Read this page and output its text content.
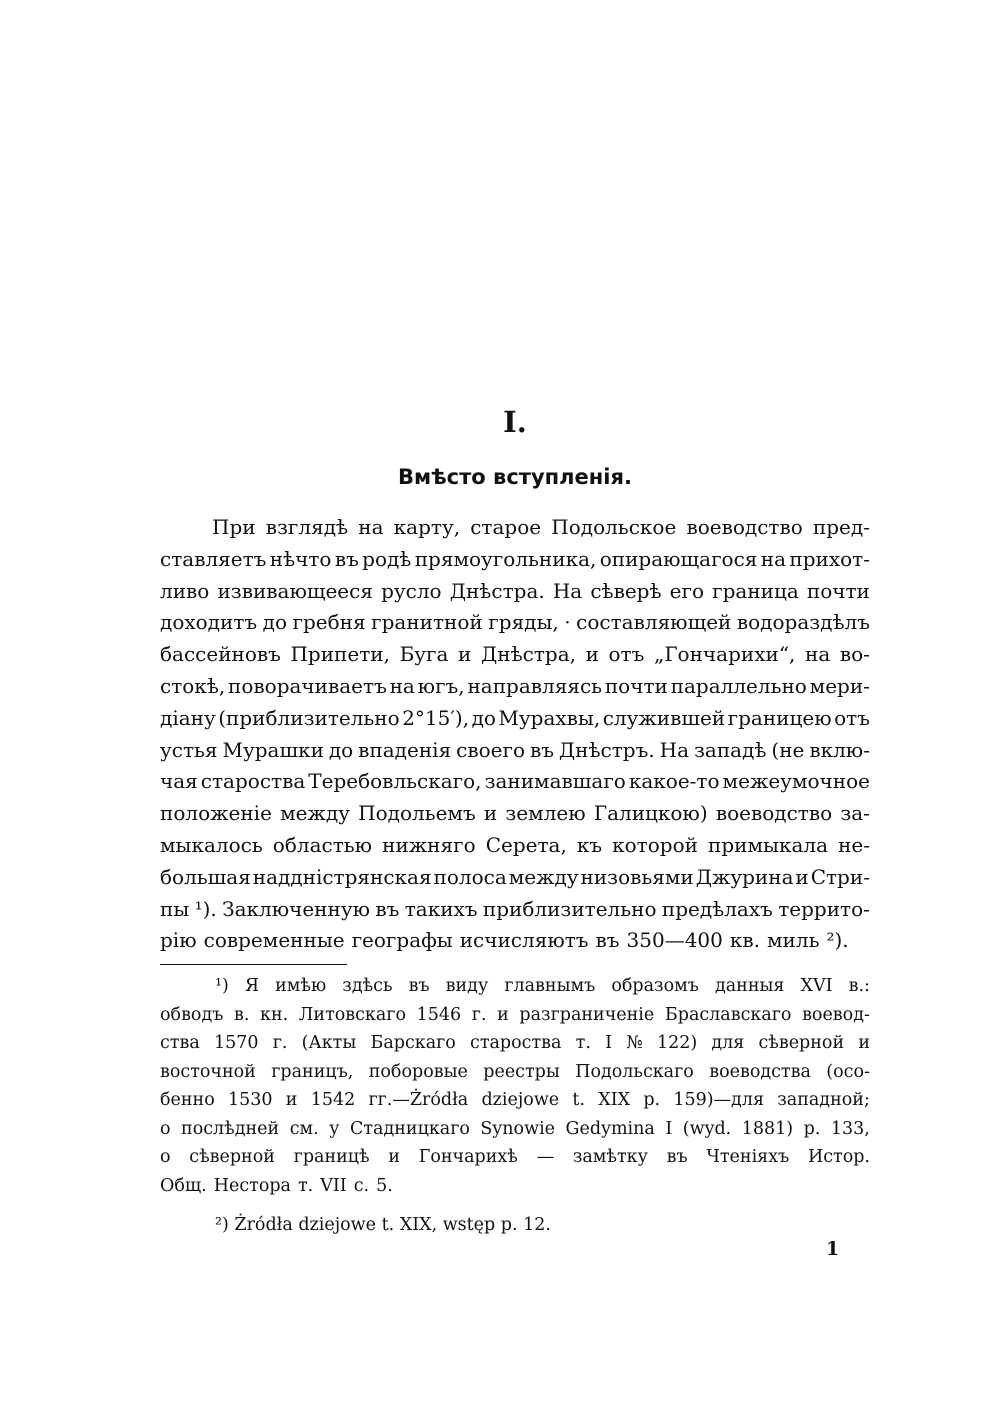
I.
Вмѣсто вступленія.
При взглядѣ на карту, старое Подольское воеводство пред-
ставляетъ нѣчто въ родѣ прямоугольника, опирающагося на прихот-
ливо извивающееся русло Днѣстра. На сѣверѣ его граница почти
доходитъ до гребня гранитной гряды, · составляющей водораздѣлъ
бассейновъ Припети, Буга и Днѣстра, и отъ „Гончарихи“, на во-
стокѣ, поворачиваетъ на югъ, направляясь почти параллельно мери-
діану (приблизительно 2°15′), до Мурахвы, служившей границею отъ
устья Мурашки до впаденія своего въ Днѣстръ. На западѣ (не вклю-
чая староства Теребовльскаго, занимавшаго какое-то межеумочное
положеніе между Подольемъ и землею Галицкою) воеводство за-
мыкалось областью нижняго Серета, къ которой примыкала не-
большая наддністрянская полоса между низовьями Джурина и Стри-
пы ¹). Заключенную въ такихъ приблизительно предѣлахъ террито-
рію современные географы исчисляютъ въ 350—400 кв. миль ²).
¹) Я имѣю здѣсь въ виду главнымъ образомъ данныя XVI в.:
обводъ в. кн. Литовскаго 1546 г. и разграниченіе Браславскаго воевод-
ства 1570 г. (Акты Барскаго староства т. I № 122) для сѣверной и
восточной границъ, поборовые реестры Подольскаго воеводства (осо-
бенно 1530 и 1542 гг.—Żródła dziejowe t. XIX p. 159)—для западной;
о послѣдней см. у Стадницкаго Synowie Gedymina I (wyd. 1881) p. 133,
о сѣверной границѣ и Гончарихѣ — замѣтку въ Чтеніяхъ Истор.
Общ. Нестора т. VII с. 5.
²) Żródła dziejowe t. XIX, wstęp p. 12.
1
